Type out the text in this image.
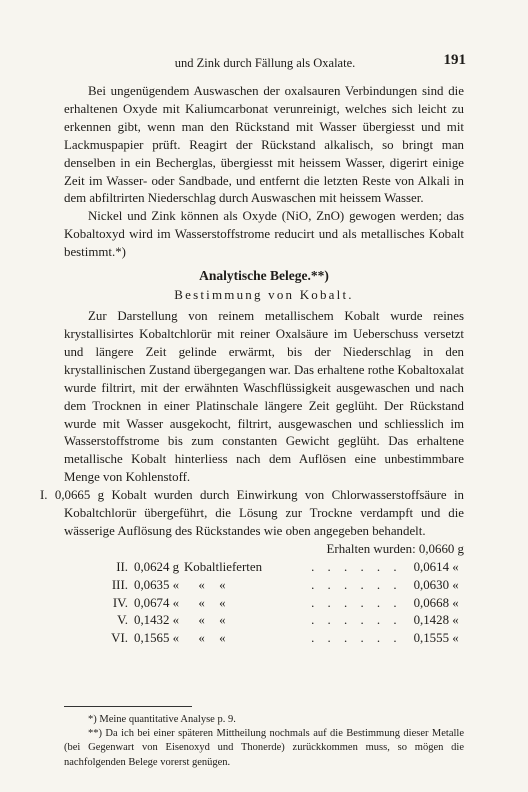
und Zink durch Fällung als Oxalate.	191

Bei ungenügendem Auswaschen der oxalsauren Verbindungen sind die erhaltenen Oxyde mit Kaliumcarbonat verunreinigt, welches sich leicht zu erkennen gibt, wenn man den Rückstand mit Wasser übergiesst und mit Lackmuspapier prüft. Reagirt der Rückstand alkalisch, so bringt man denselben in ein Becherglas, übergiesst mit heissem Wasser, digerirt einige Zeit im Wasser- oder Sandbade, und entfernt die letzten Reste von Alkali in dem abfiltrirten Niederschlag durch Auswaschen mit heissem Wasser.

Nickel und Zink können als Oxyde (NiO, ZnO) gewogen werden; das Kobaltoxyd wird im Wasserstoffstrome reducirt und als metallisches Kobalt bestimmt.*)

Analytische Belege.**)
Bestimmung von Kobalt.

Zur Darstellung von reinem metallischem Kobalt wurde reines krystallisirtes Kobaltchlorür mit reiner Oxalsäure im Ueberschuss versetzt und längere Zeit gelinde erwärmt, bis der Niederschlag in den krystallinischen Zustand übergegangen war. Das erhaltene rothe Kobaltoxalat wurde filtrirt, mit der erwähnten Waschflüssigkeit ausgewaschen und nach dem Trocknen in einer Platinschale längere Zeit geglüht. Der Rückstand wurde mit Wasser ausgekocht, filtrirt, ausgewaschen und schliesslich im Wasserstoffstrome bis zum constanten Gewicht geglüht. Das erhaltene metallische Kobalt hinterliess nach dem Auflösen eine unbestimmbare Menge von Kohlenstoff.

I. 0,0665 g Kobalt wurden durch Einwirkung von Chlorwasserstoffsäure in Kobaltchlorür übergeführt, die Lösung zur Trockne verdampft und die wässerige Auflösung des Rückstandes wie oben angegeben behandelt.

Erhalten wurden: 0,0660 g
II.	0,0624 g	Kobalt	lieferten	. . . . . .	0,0614 «
III.	0,0635 «	«	«	. . . . . .	0,0630 «
IV.	0,0674 «	«	«	. . . . . .	0,0668 «
V.	0,1432 «	«	«	. . . . . .	0,1428 «
VI.	0,1565 «	«	«	. . . . . .	0,1555 «

*) Meine quantitative Analyse p. 9.

**) Da ich bei einer späteren Mittheilung nochmals auf die Bestimmung dieser Metalle (bei Gegenwart von Eisenoxyd und Thonerde) zurückkommen muss, so mögen die nachfolgenden Belege vorerst genügen.
